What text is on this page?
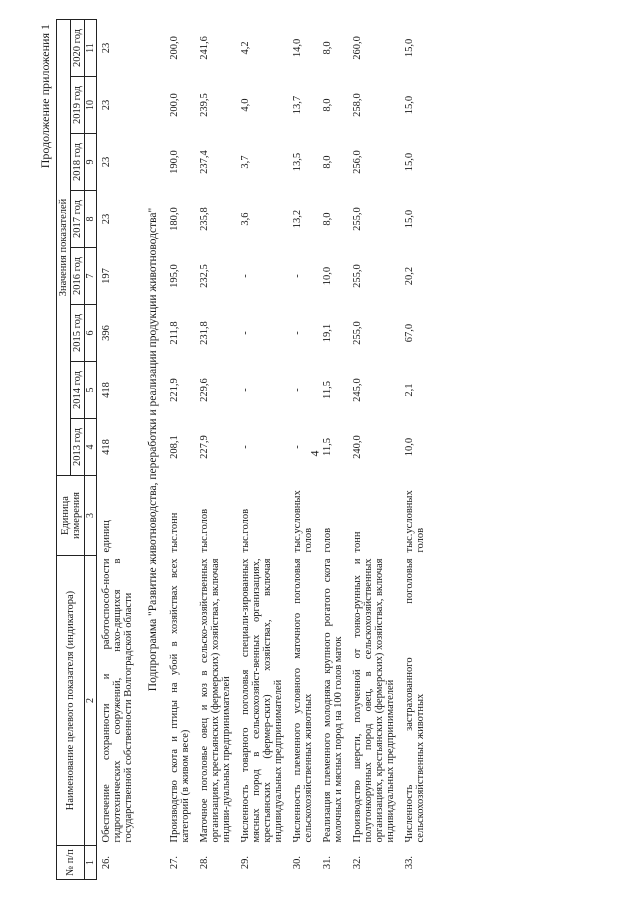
4
Продолжение приложения 1
№ п/п	Наименование целевого показателя (индикатора)	Единица измерения	Значения показателей							
			2013 год	2014 год	2015 год	2016 год	2017 год	2018 год	2019 год	2020 год
1	2	3	4	5	6	7	8	9	10	11
26.	Обеспечение сохранности и работоспособ-ности гидротехнических сооружений, нахо-дящихся в государственной собственности Волгоградской области	единиц	418	418	396	197	23	23	23	23
Подпрограмма "Развитие животноводства, переработки и реализации продукции животноводства"										
27.	Производство скота и птицы на убой в хозяйствах всех категорий (в живом весе)	тыс.тонн	208,1	221,9	211,8	195,0	180,0	190,0	200,0	200,0
28.	Маточное поголовье овец и коз в сельско-хозяйственных организациях, крестьянских (фермерских) хозяйствах, включая индиви-дуальных предпринимателей	тыс.голов	227,9	229,6	231,8	232,5	235,8	237,4	239,5	241,6
29.	Численность товарного поголовья специали-зированных мясных пород в сельскохозяйст-венных организациях, крестьянских (фермер-ских) хозяйствах, включая индивидуальных предпринимателей	тыс.голов	-	-	-	-	3,6	3,7	4,0	4,2
30.	Численность племенного условного маточного поголовья сельскохозяйственных животных	тыс.условных голов	-	-	-	-	13,2	13,5	13,7	14,0
31.	Реализация племенного молодняка крупного рогатого скота молочных и мясных пород на 100 голов маток	голов	11,5	11,5	19,1	10,0	8,0	8,0	8,0	8,0
32.	Производство шерсти, полученной от тонко-рунных и полутонкорунных пород овец, в сельскохозяйственных организациях, крестьянских (фермерских) хозяйствах, включая индивидуальных предпринимателей	тонн	240,0	245,0	255,0	255,0	255,0	256,0	258,0	260,0
33.	Численность застрахованного поголовья сельскохозяйственных животных	тыс.условных голов	10,0	2,1	67,0	20,2	15,0	15,0	15,0	15,0
